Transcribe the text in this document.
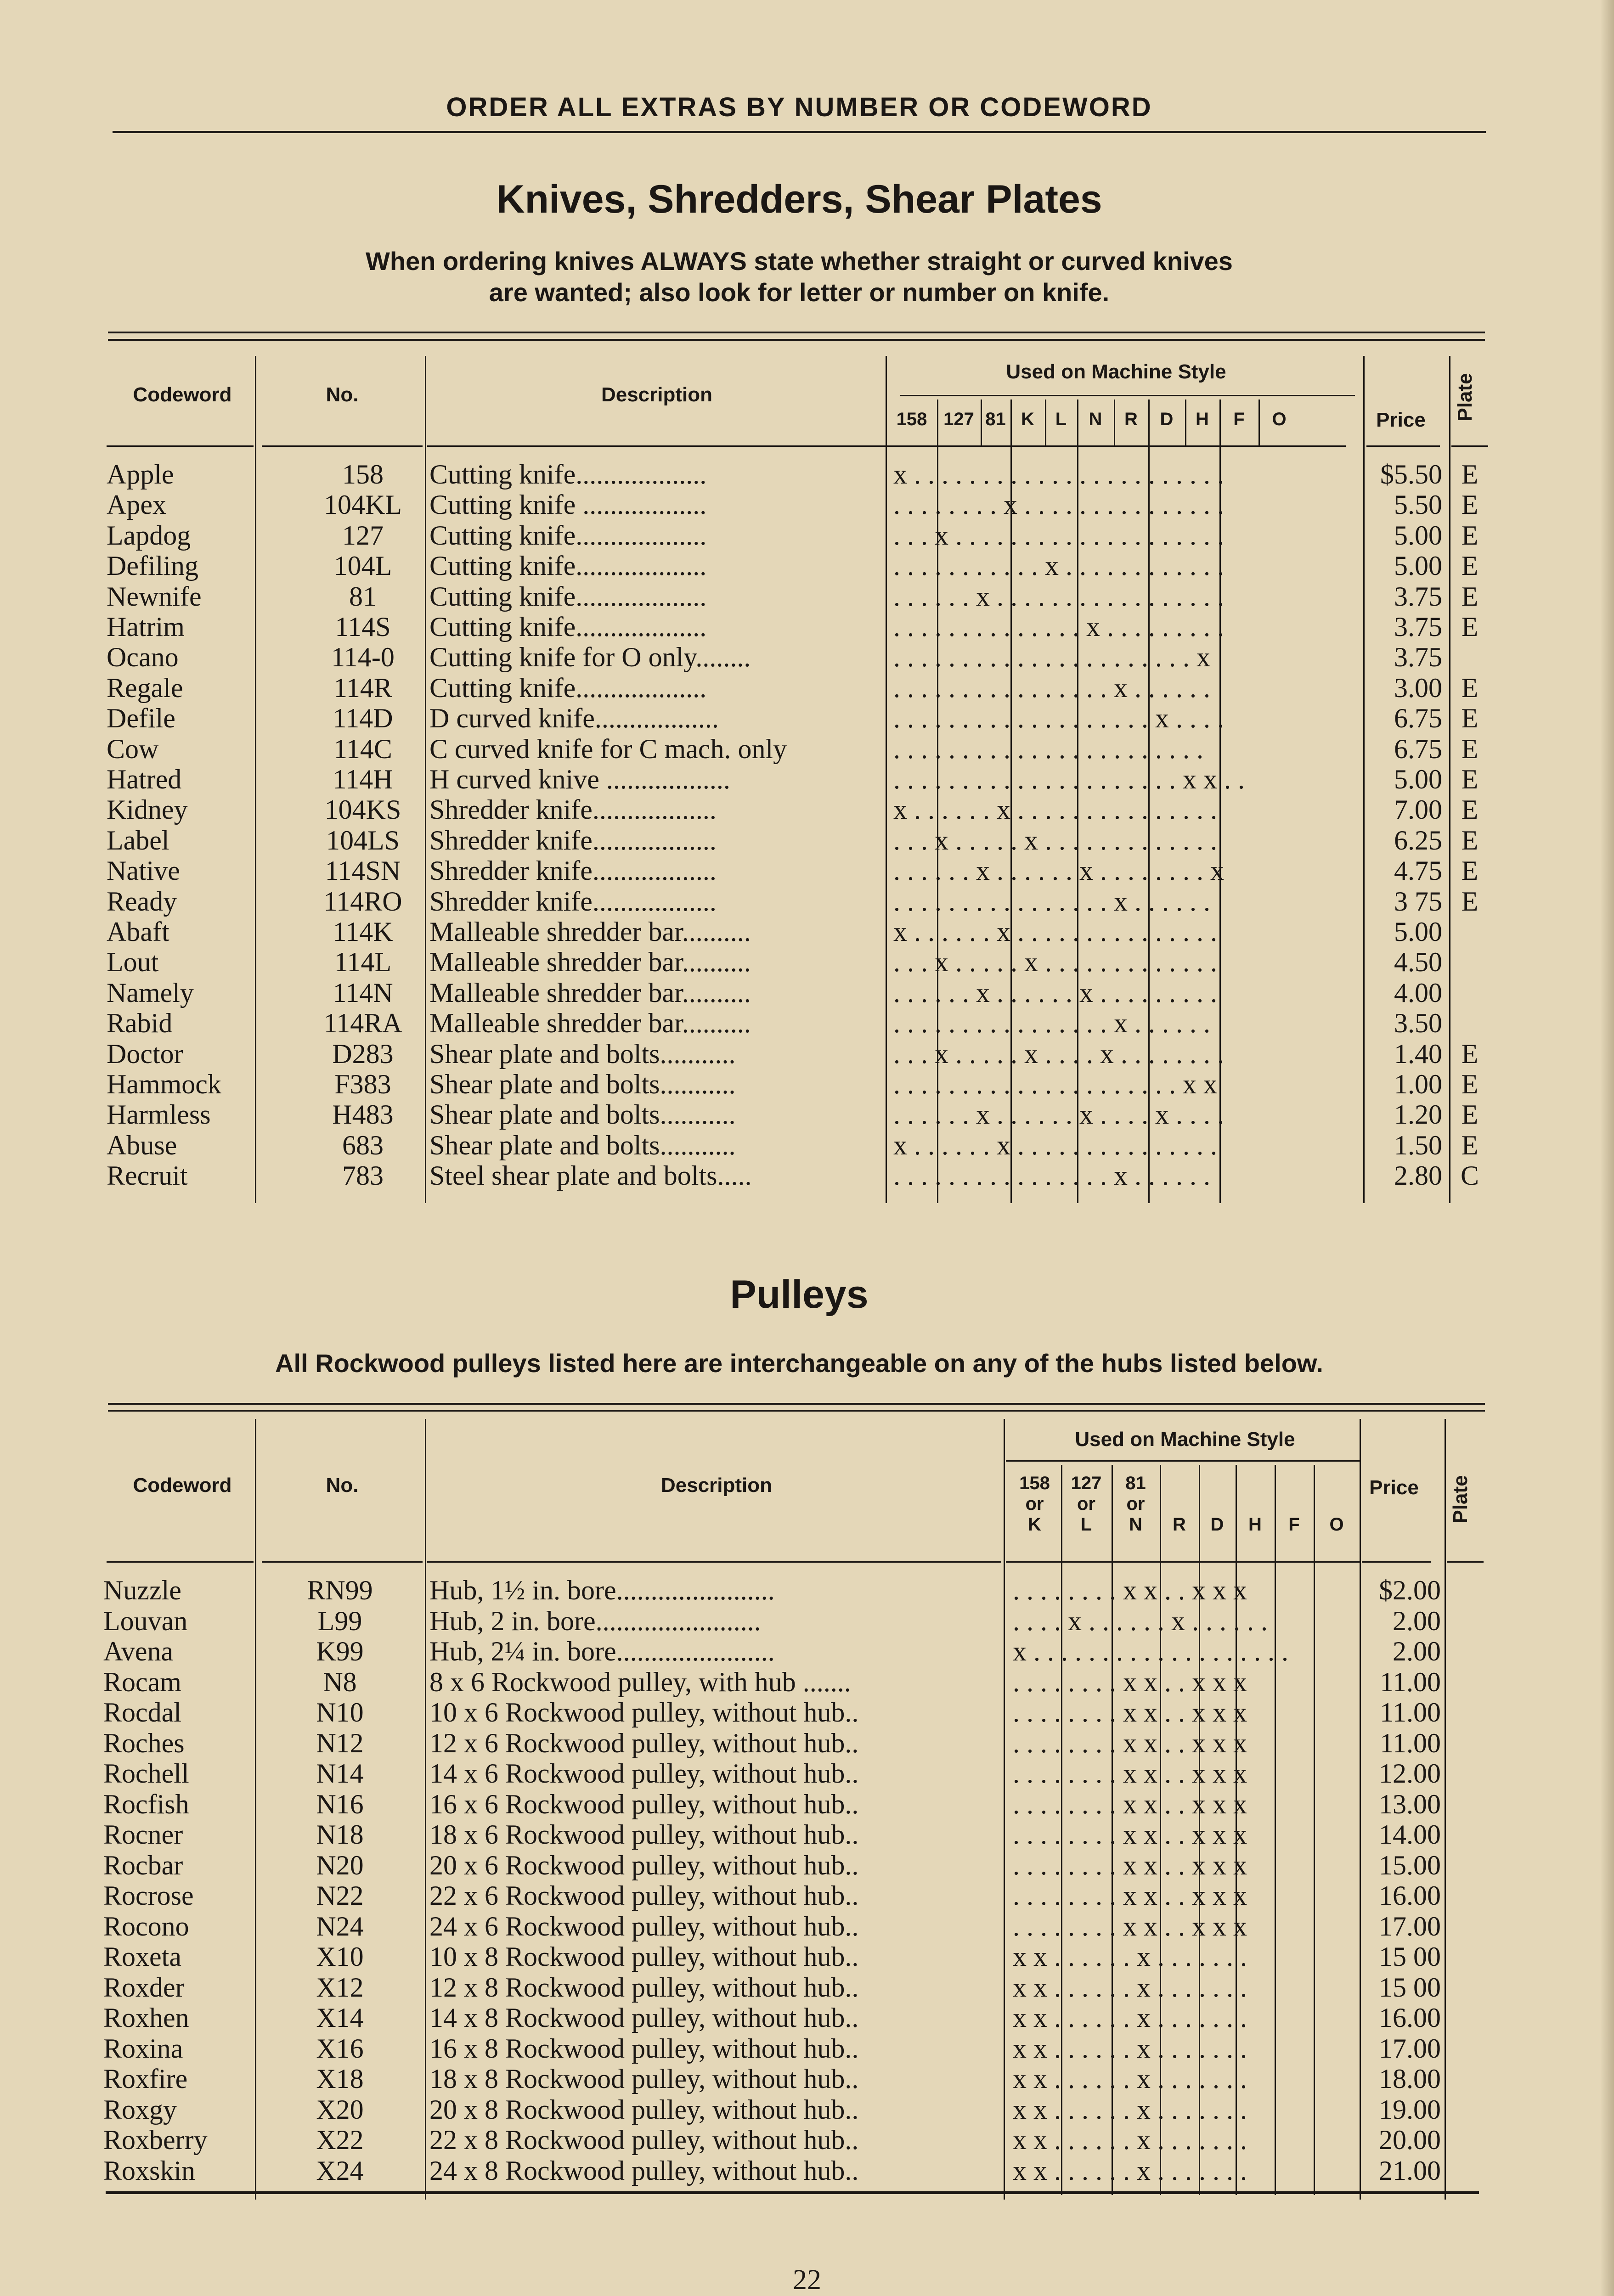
ORDER ALL EXTRAS BY NUMBER OR CODEWORD
Knives, Shredders, Shear Plates
When ordering knives ALWAYS state whether straight or curved knives
are wanted; also look for letter or number on knife.
Codeword	No.	Description
Used on Machine Style
Price	Plate
158 127 81 K	L	N	R	D	H	F	O
Apple	158	Cutting knife...................	x . . . . . . . . . . . . . . . . . . . . . . .	$5.50 E
Apex	104KL	Cutting knife ..................	. . . . . . . . x . . . . . . . . . . . . . . .	5.50 E
Lapdog	127	Cutting knife...................	. . . x . . . . . . . . . . . . . . . . . . . .	5.00 E
Defiling	104L	Cutting knife...................	. . . . . . . . . . . x . . . . . . . . . . . .	5.00 E
Newnife	81	Cutting knife...................	. . . . . . x . . . . . . . . . . . . . . . . .	3.75 E
Hatrim	114S	Cutting knife...................	. . . . . . . . . . . . . . x . . . . . . . . .	3.75 E
Ocano	114-0	Cutting knife for O only........	. . . . . . . . . . . . . . . . . . . . . . x	3.75
Regale	114R	Cutting knife...................	. . . . . . . . . . . . . . . . x . . . . . .	3.00 E
Defile	114D	D curved knife..................	. . . . . . . . . . . . . . . . . . . x . . . .	6.75 E
Cow	114C	C curved knife for C mach. only	. . . . . . . . . . . . . . . . . . . . . . .	6.75 E
Hatred	114H	H curved knive ..................	. . . . . . . . . . . . . . . . . . . . . x x . .	5.00 E
Kidney	104KS	Shredder knife..................	x . . . . . . x . . . . . . . . . . . . . . .	7.00 E
Label	104LS	Shredder knife..................	. . . x . . . . . x . . . . . . . . . . . . .	6.25 E
Native	114SN	Shredder knife..................	. . . . . . x . . . . . . x . . . . . . . . x	4.75 E
Ready	114RO Shredder knife..................	. . . . . . . . . . . . . . . . x . . . . . .	3 75 E
Abaft	114K	Malleable shredder bar..........	x . . . . . . x . . . . . . . . . . . . . . .	5.00
Lout	114L	Malleable shredder bar..........	. . . x . . . . . x . . . . . . . . . . . . .	4.50
Namely	114N	Malleable shredder bar..........	. . . . . . x . . . . . . x . . . . . . . . .	4.00
Rabid	114RA Malleable shredder bar..........	. . . . . . . . . . . . . . . . x . . . . . .	3.50
Doctor	D283	Shear plate and bolts...........	. . . x . . . . . x . . . . x . . . . . . . .	1.40 E
Hammock	F383	Shear plate and bolts...........	. . . . . . . . . . . . . . . . . . . . . x x	1.00 E
Harmless	H483	Shear plate and bolts...........	. . . . . . x . . . . . . x . . . . x . . . .	1.20 E
Abuse	683	Shear plate and bolts...........	x . . . . . . x . . . . . . . . . . . . . . .	1.50 E
Recruit	783	Steel shear plate and bolts.....	. . . . . . . . . . . . . . . . x . . . . . .	2.80 C
Pulleys
All Rockwood pulleys listed here are interchangeable on any of the hubs listed below.
Codeword	No.	Description
Used on Machine Style
Price	Plate
158
or
K
127
or
L
81
or
N	R	D	H	F	O
Nuzzle	RN99	Hub, 1½ in. bore.......................	. . . . . . . . x x . . x x x	$2.00
Louvan	L99	Hub, 2 in. bore........................	. . . . x . . . . . . x . . . . . .	2.00
Avena	K99	Hub, 2¼ in. bore.......................	x . . . . . . . . . . . . . . . . . . .	2.00
Rocam	N8	8 x 6 Rockwood pulley, with hub .......	. . . . . . . . x x . . x x x	11.00
Rocdal	N10	10 x 6 Rockwood pulley, without hub..	. . . . . . . . x x . . x x x	11.00
Roches	N12	12 x 6 Rockwood pulley, without hub..	. . . . . . . . x x . . x x x	11.00
Rochell	N14	14 x 6 Rockwood pulley, without hub..	. . . . . . . . x x . . x x x	12.00
Rocfish	N16	16 x 6 Rockwood pulley, without hub..	. . . . . . . . x x . . x x x	13.00
Rocner	N18	18 x 6 Rockwood pulley, without hub..	. . . . . . . . x x . . x x x	14.00
Rocbar	N20	20 x 6 Rockwood pulley, without hub..	. . . . . . . . x x . . x x x	15.00
Rocrose	N22	22 x 6 Rockwood pulley, without hub..	. . . . . . . . x x . . x x x	16.00
Rocono	N24	24 x 6 Rockwood pulley, without hub..	. . . . . . . . x x . . x x x	17.00
Roxeta	X10	10 x 8 Rockwood pulley, without hub..	x x . . . . . . x . . . . . . .	15 00
Roxder	X12	12 x 8 Rockwood pulley, without hub..	x x . . . . . . x . . . . . . .	15 00
Roxhen	X14	14 x 8 Rockwood pulley, without hub..	x x . . . . . . x . . . . . . .	16.00
Roxina	X16	16 x 8 Rockwood pulley, without hub..	x x . . . . . . x . . . . . . .	17.00
Roxfire	X18	18 x 8 Rockwood pulley, without hub..	x x . . . . . . x . . . . . . .	18.00
Roxgy	X20	20 x 8 Rockwood pulley, without hub..	x x . . . . . . x . . . . . . .	19.00
Roxberry	X22	22 x 8 Rockwood pulley, without hub..	x x . . . . . . x . . . . . . .	20.00
Roxskin	X24	24 x 8 Rockwood pulley, without hub..	x x . . . . . . x . . . . . . .	21.00
22
